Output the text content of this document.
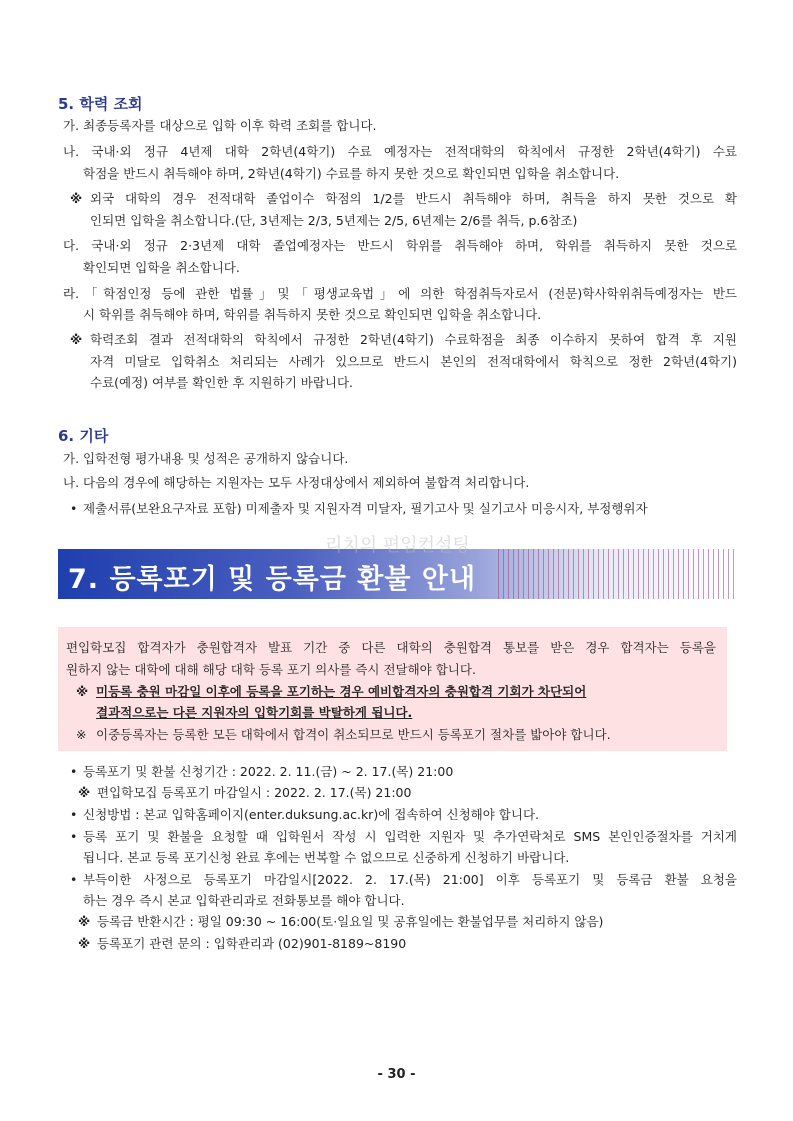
5. 학력 조회
가. 최종등록자를 대상으로 입학 이후 학력 조회를 합니다.
나. 국내·외 정규 4년제 대학 2학년(4학기) 수료 예정자는 전적대학의 학칙에서 규정한 2학년(4학기) 수료
학점을 반드시 취득해야 하며, 2학년(4학기) 수료를 하지 못한 것으로 확인되면 입학을 취소합니다.
※ 외국 대학의 경우 전적대학 졸업이수 학점의 1/2를 반드시 취득해야 하며, 취득을 하지 못한 것으로 확
인되면 입학을 취소합니다.(단, 3년제는 2/3, 5년제는 2/5, 6년제는 2/6를 취득, p.6참조)
다. 국내·외 정규 2·3년제 대학 졸업예정자는 반드시 학위를 취득해야 하며, 학위를 취득하지 못한 것으로
확인되면 입학을 취소합니다.
라.「학점인정 등에 관한 법률」및「평생교육법」에 의한 학점취득자로서 (전문)학사학위취득예정자는 반드
시 학위를 취득해야 하며, 학위를 취득하지 못한 것으로 확인되면 입학을 취소합니다.
※ 학력조회 결과 전적대학의 학칙에서 규정한 2학년(4학기) 수료학점을 최종 이수하지 못하여 합격 후 지원
자격 미달로 입학취소 처리되는 사례가 있으므로 반드시 본인의 전적대학에서 학칙으로 정한 2학년(4학기)
수료(예정) 여부를 확인한 후 지원하기 바랍니다.
6. 기타
가. 입학전형 평가내용 및 성적은 공개하지 않습니다.
나. 다음의 경우에 해당하는 지원자는 모두 사정대상에서 제외하여 불합격 처리합니다.
• 제출서류(보완요구자료 포함) 미제출자 및 지원자격 미달자, 필기고사 및 실기고사 미응시자, 부정행위자
7. 등록포기 및 등록금 환불 안내
리치의 편입컨설팅
편입학모집 합격자가 충원합격자 발표 기간 중 다른 대학의 충원합격 통보를 받은 경우 합격자는 등록을
원하지 않는 대학에 대해 해당 대학 등록 포기 의사를 즉시 전달해야 합니다.
※ 미등록 충원 마감일 이후에 등록을 포기하는 경우 예비합격자의 충원합격 기회가 차단되어
결과적으로는 다른 지원자의 입학기회를 박탈하게 됩니다.
※ 이중등록자는 등록한 모든 대학에서 합격이 취소되므로 반드시 등록포기 절차를 밟아야 합니다.
• 등록포기 및 환불 신청기간 : 2022. 2. 11.(금) ~ 2. 17.(목) 21:00
※ 편입학모집 등록포기 마감일시 : 2022. 2. 17.(목) 21:00
• 신청방법 : 본교 입학홈페이지(enter.duksung.ac.kr)에 접속하여 신청해야 합니다.
• 등록 포기 및 환불을 요청할 때 입학원서 작성 시 입력한 지원자 및 추가연락처로 SMS 본인인증절차를 거치게
됩니다. 본교 등록 포기신청 완료 후에는 번복할 수 없으므로 신중하게 신청하기 바랍니다.
• 부득이한 사정으로 등록포기 마감일시[2022. 2. 17.(목) 21:00] 이후 등록포기 및 등록금 환불 요청을
하는 경우 즉시 본교 입학관리과로 전화통보를 해야 합니다.
※ 등록금 반환시간 : 평일 09:30 ~ 16:00(토·일요일 및 공휴일에는 환불업무를 처리하지 않음)
※ 등록포기 관련 문의 : 입학관리과 (02)901-8189~8190
- 30 -
